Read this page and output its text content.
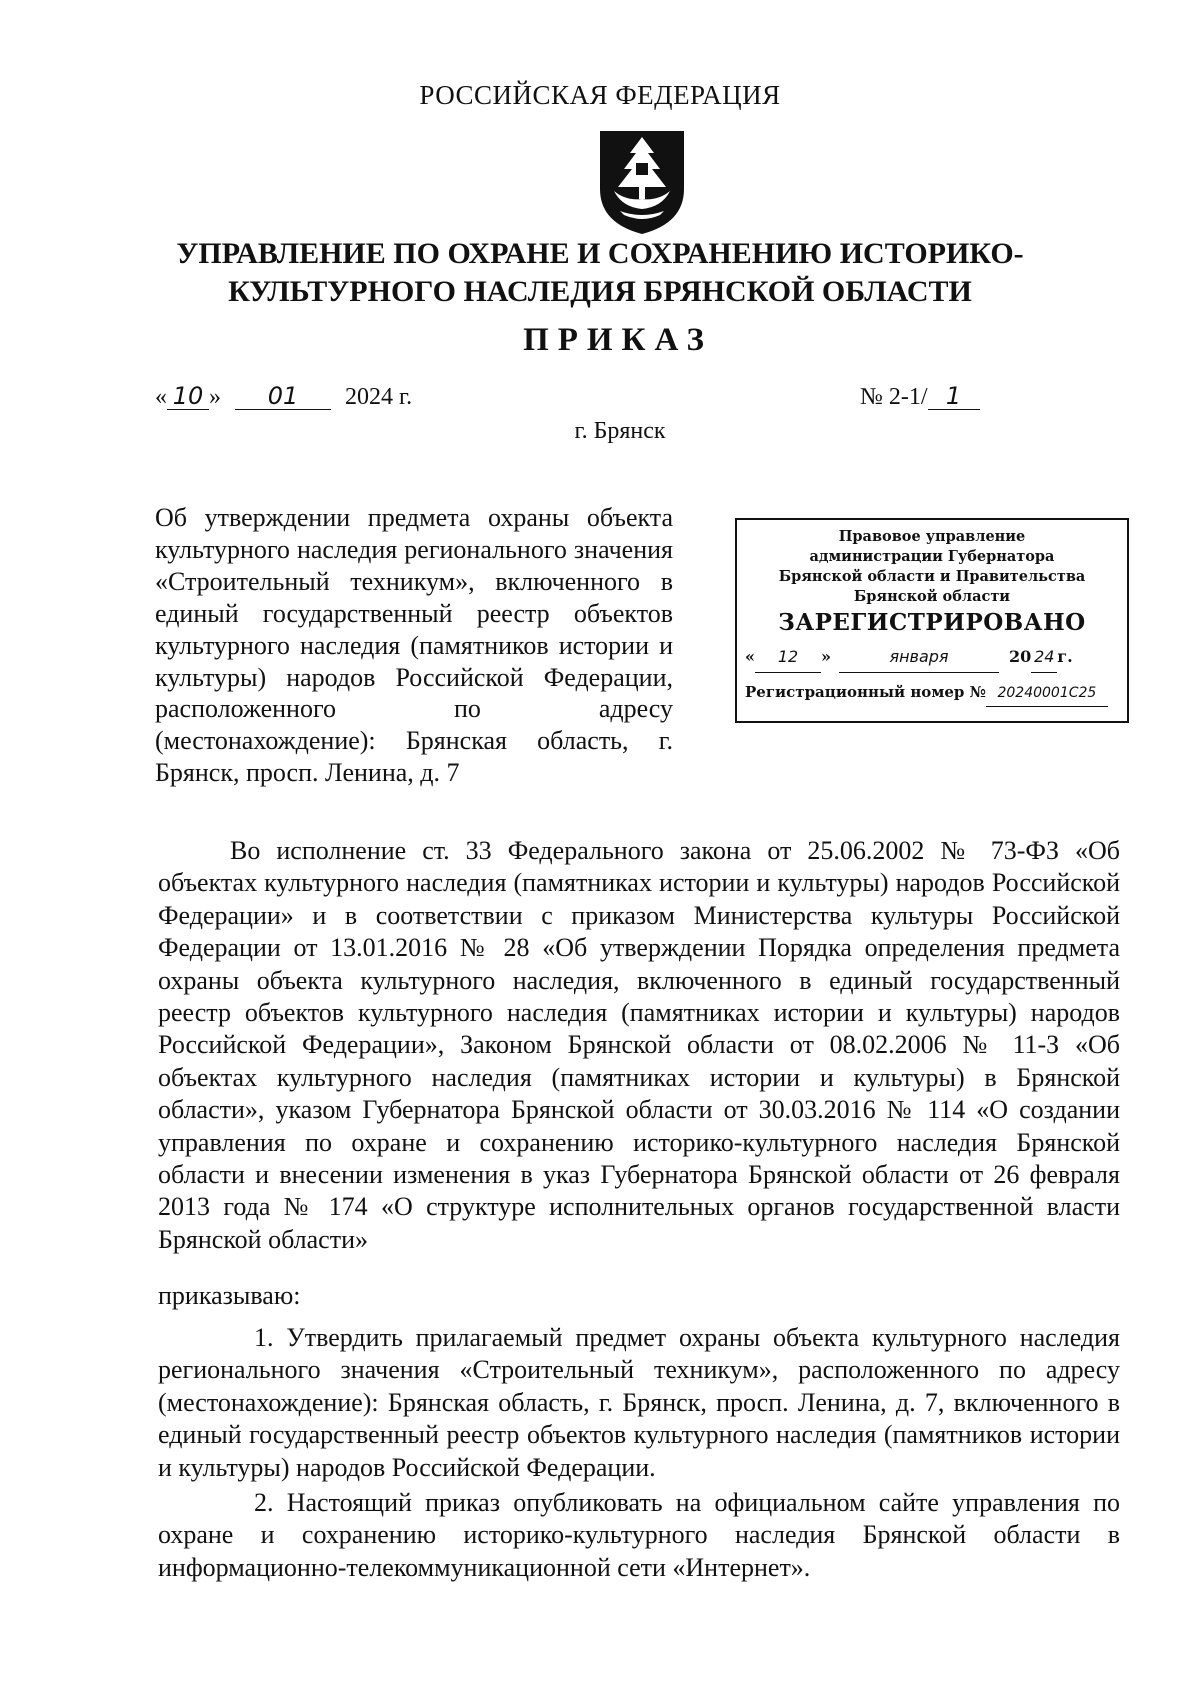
РОССИЙСКАЯ ФЕДЕРАЦИЯ
УПРАВЛЕНИЕ ПО ОХРАНЕ И СОХРАНЕНИЮ ИСТОРИКО-КУЛЬТУРНОГО НАСЛЕДИЯ БРЯНСКОЙ ОБЛАСТИ
ПРИКАЗ
« 10 » 01 2024 г.	№ 2-1/ 1
г. Брянск
Об утверждении предмета охраны объекта культурного наследия регионального значения «Строительный техникум», включенного в единый государственный реестр объектов культурного наследия (памятников истории и культуры) народов Российской Федерации, расположенного по адресу (местонахождение): Брянская область, г. Брянск, просп. Ленина, д. 7
Правовое управление
администрации Губернатора
Брянской области и Правительства
Брянской области
ЗАРЕГИСТРИРОВАНО
« 12 »	января	20 24 г.
Регистрационный номер № 20240001С25
Во исполнение ст. 33 Федерального закона от 25.06.2002 № 73-ФЗ «Об объектах культурного наследия (памятниках истории и культуры) народов Российской Федерации» и в соответствии с приказом Министерства культуры Российской Федерации от 13.01.2016 № 28 «Об утверждении Порядка определения предмета охраны объекта культурного наследия, включенного в единый государственный реестр объектов культурного наследия (памятниках истории и культуры) народов Российской Федерации», Законом Брянской области от 08.02.2006 № 11-З «Об объектах культурного наследия (памятниках истории и культуры) в Брянской области», указом Губернатора Брянской области от 30.03.2016 № 114 «О создании управления по охране и сохранению историко-культурного наследия Брянской области и внесении изменения в указ Губернатора Брянской области от 26 февраля 2013 года № 174 «О структуре исполнительных органов государственной власти Брянской области»
приказываю:
1. Утвердить прилагаемый предмет охраны объекта культурного наследия регионального значения «Строительный техникум», расположенного по адресу (местонахождение): Брянская область, г. Брянск, просп. Ленина, д. 7, включенного в единый государственный реестр объектов культурного наследия (памятников истории и культуры) народов Российской Федерации.
2. Настоящий приказ опубликовать на официальном сайте управления по охране и сохранению историко-культурного наследия Брянской области в информационно-телекоммуникационной сети «Интернет».
